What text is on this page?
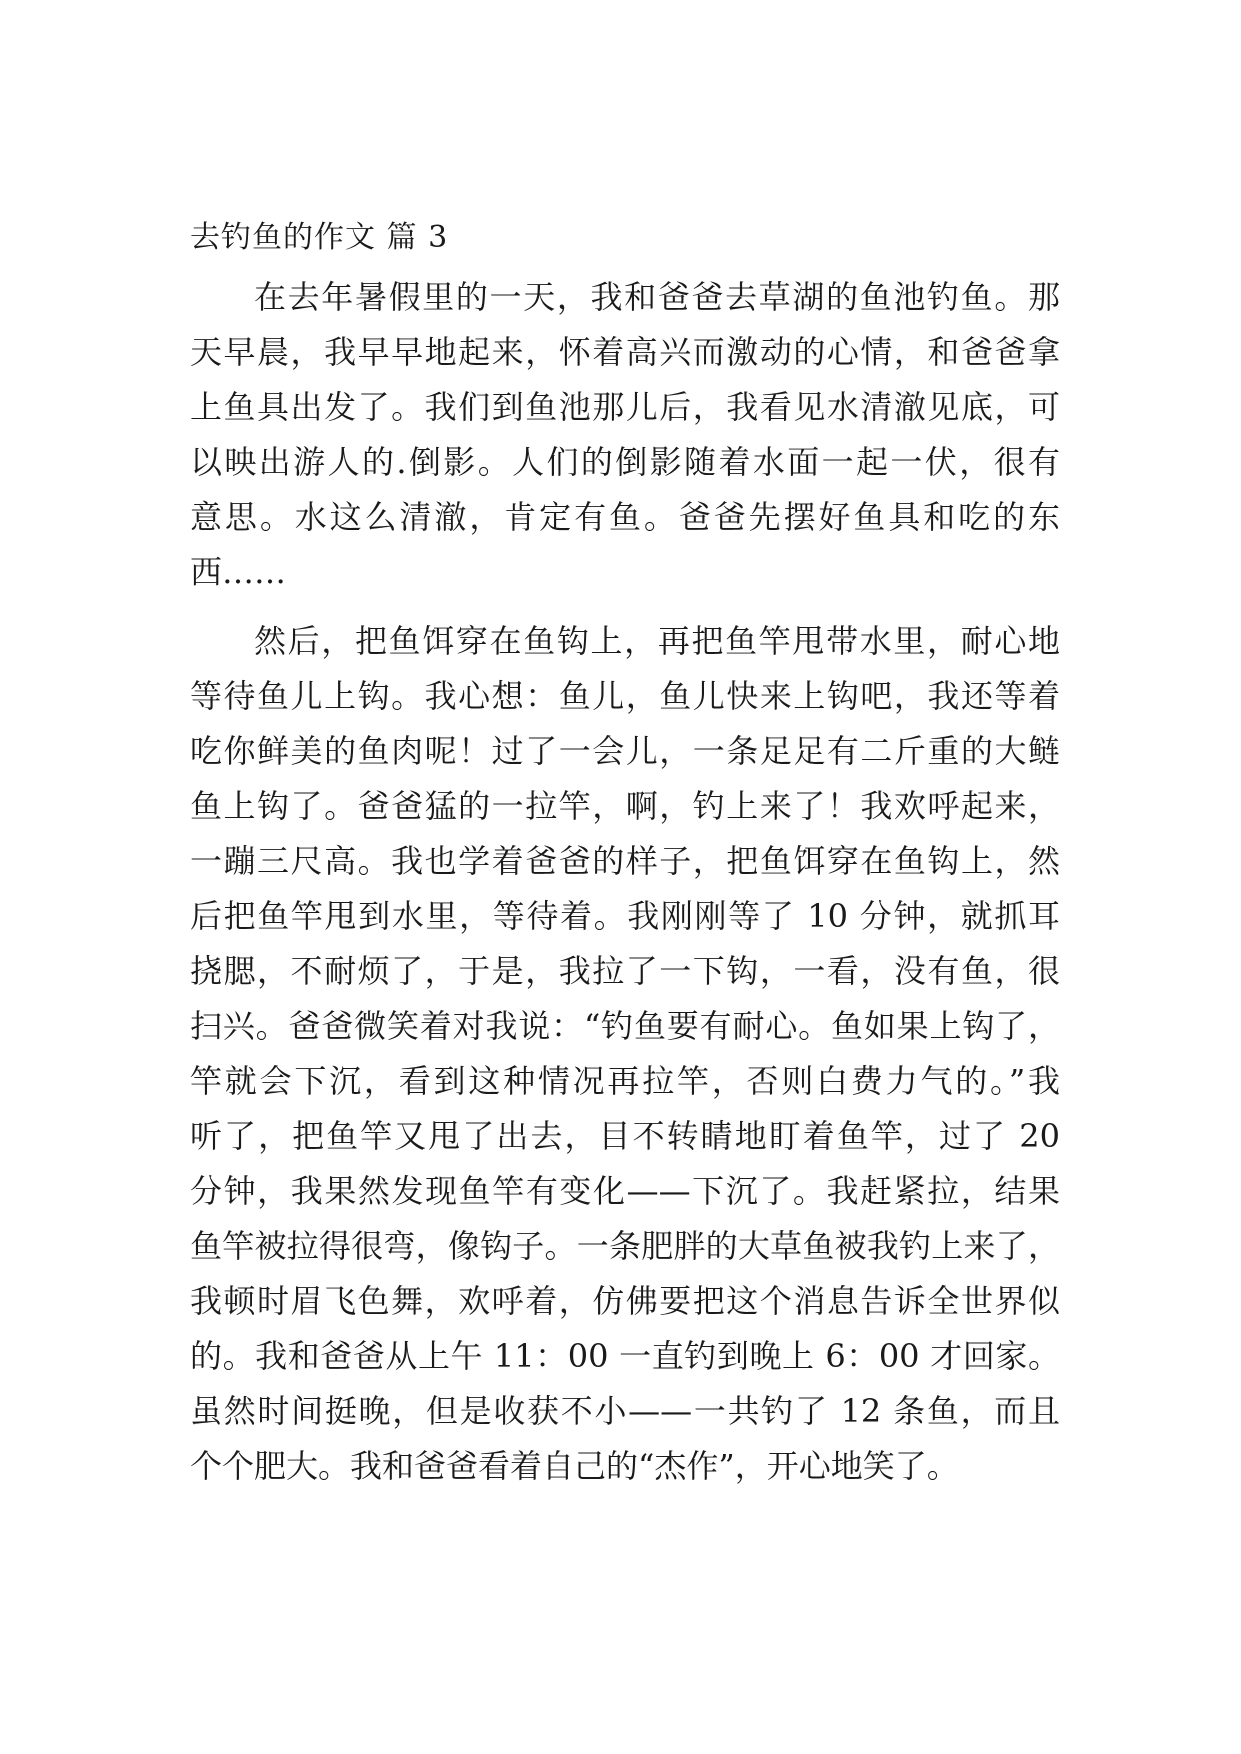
去钓鱼的作文 篇 3
在去年暑假里的一天，我和爸爸去草湖的鱼池钓鱼。那
天早晨，我早早地起来，怀着高兴而激动的心情，和爸爸拿
上鱼具出发了。我们到鱼池那儿后，我看见水清澈见底，可
以映出游人的.倒影。人们的倒影随着水面一起一伏，很有
意思。水这么清澈，肯定有鱼。爸爸先摆好鱼具和吃的东
西……
然后，把鱼饵穿在鱼钩上，再把鱼竿甩带水里，耐心地
等待鱼儿上钩。我心想：鱼儿，鱼儿快来上钩吧，我还等着
吃你鲜美的鱼肉呢！过了一会儿，一条足足有二斤重的大鲢
鱼上钩了。爸爸猛的一拉竿，啊，钓上来了！我欢呼起来，
一蹦三尺高。我也学着爸爸的样子，把鱼饵穿在鱼钩上，然
后把鱼竿甩到水里，等待着。我刚刚等了 10 分钟，就抓耳
挠腮，不耐烦了，于是，我拉了一下钩，一看，没有鱼，很
扫兴。爸爸微笑着对我说：“钓鱼要有耐心。鱼如果上钩了，
竿就会下沉，看到这种情况再拉竿，否则白费力气的。”我
听了，把鱼竿又甩了出去，目不转睛地盯着鱼竿，过了 20
分钟，我果然发现鱼竿有变化——下沉了。我赶紧拉，结果
鱼竿被拉得很弯，像钩子。一条肥胖的大草鱼被我钓上来了，
我顿时眉飞色舞，欢呼着，仿佛要把这个消息告诉全世界似
的。我和爸爸从上午 11：00 一直钓到晚上 6：00 才回家。
虽然时间挺晚，但是收获不小——一共钓了 12 条鱼，而且
个个肥大。我和爸爸看着自己的“杰作”，开心地笑了。
